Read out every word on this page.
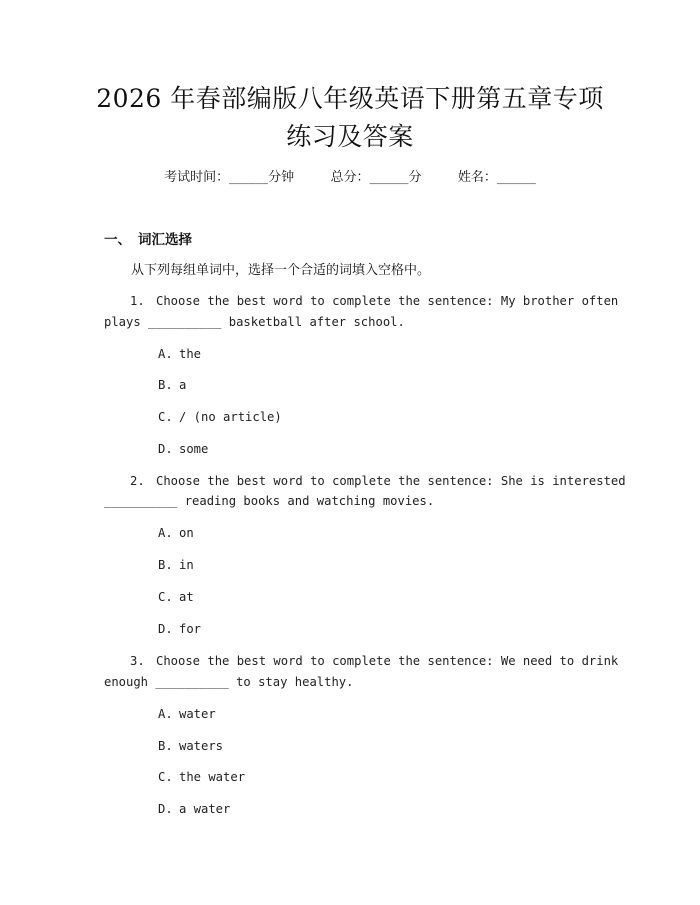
2026 年春部编版八年级英语下册第五章专项
练习及答案
考试时间：______分钟	总分：______分	姓名：______
一、 词汇选择
从下列每组单词中，选择一个合适的词填入空格中。
1. Choose the best word to complete the sentence: My brother often
plays __________ basketball after school.
A. the
B. a
C. / (no article)
D. some
2. Choose the best word to complete the sentence: She is interested
__________ reading books and watching movies.
A. on
B. in
C. at
D. for
3. Choose the best word to complete the sentence: We need to drink
enough __________ to stay healthy.
A. water
B. waters
C. the water
D. a water
